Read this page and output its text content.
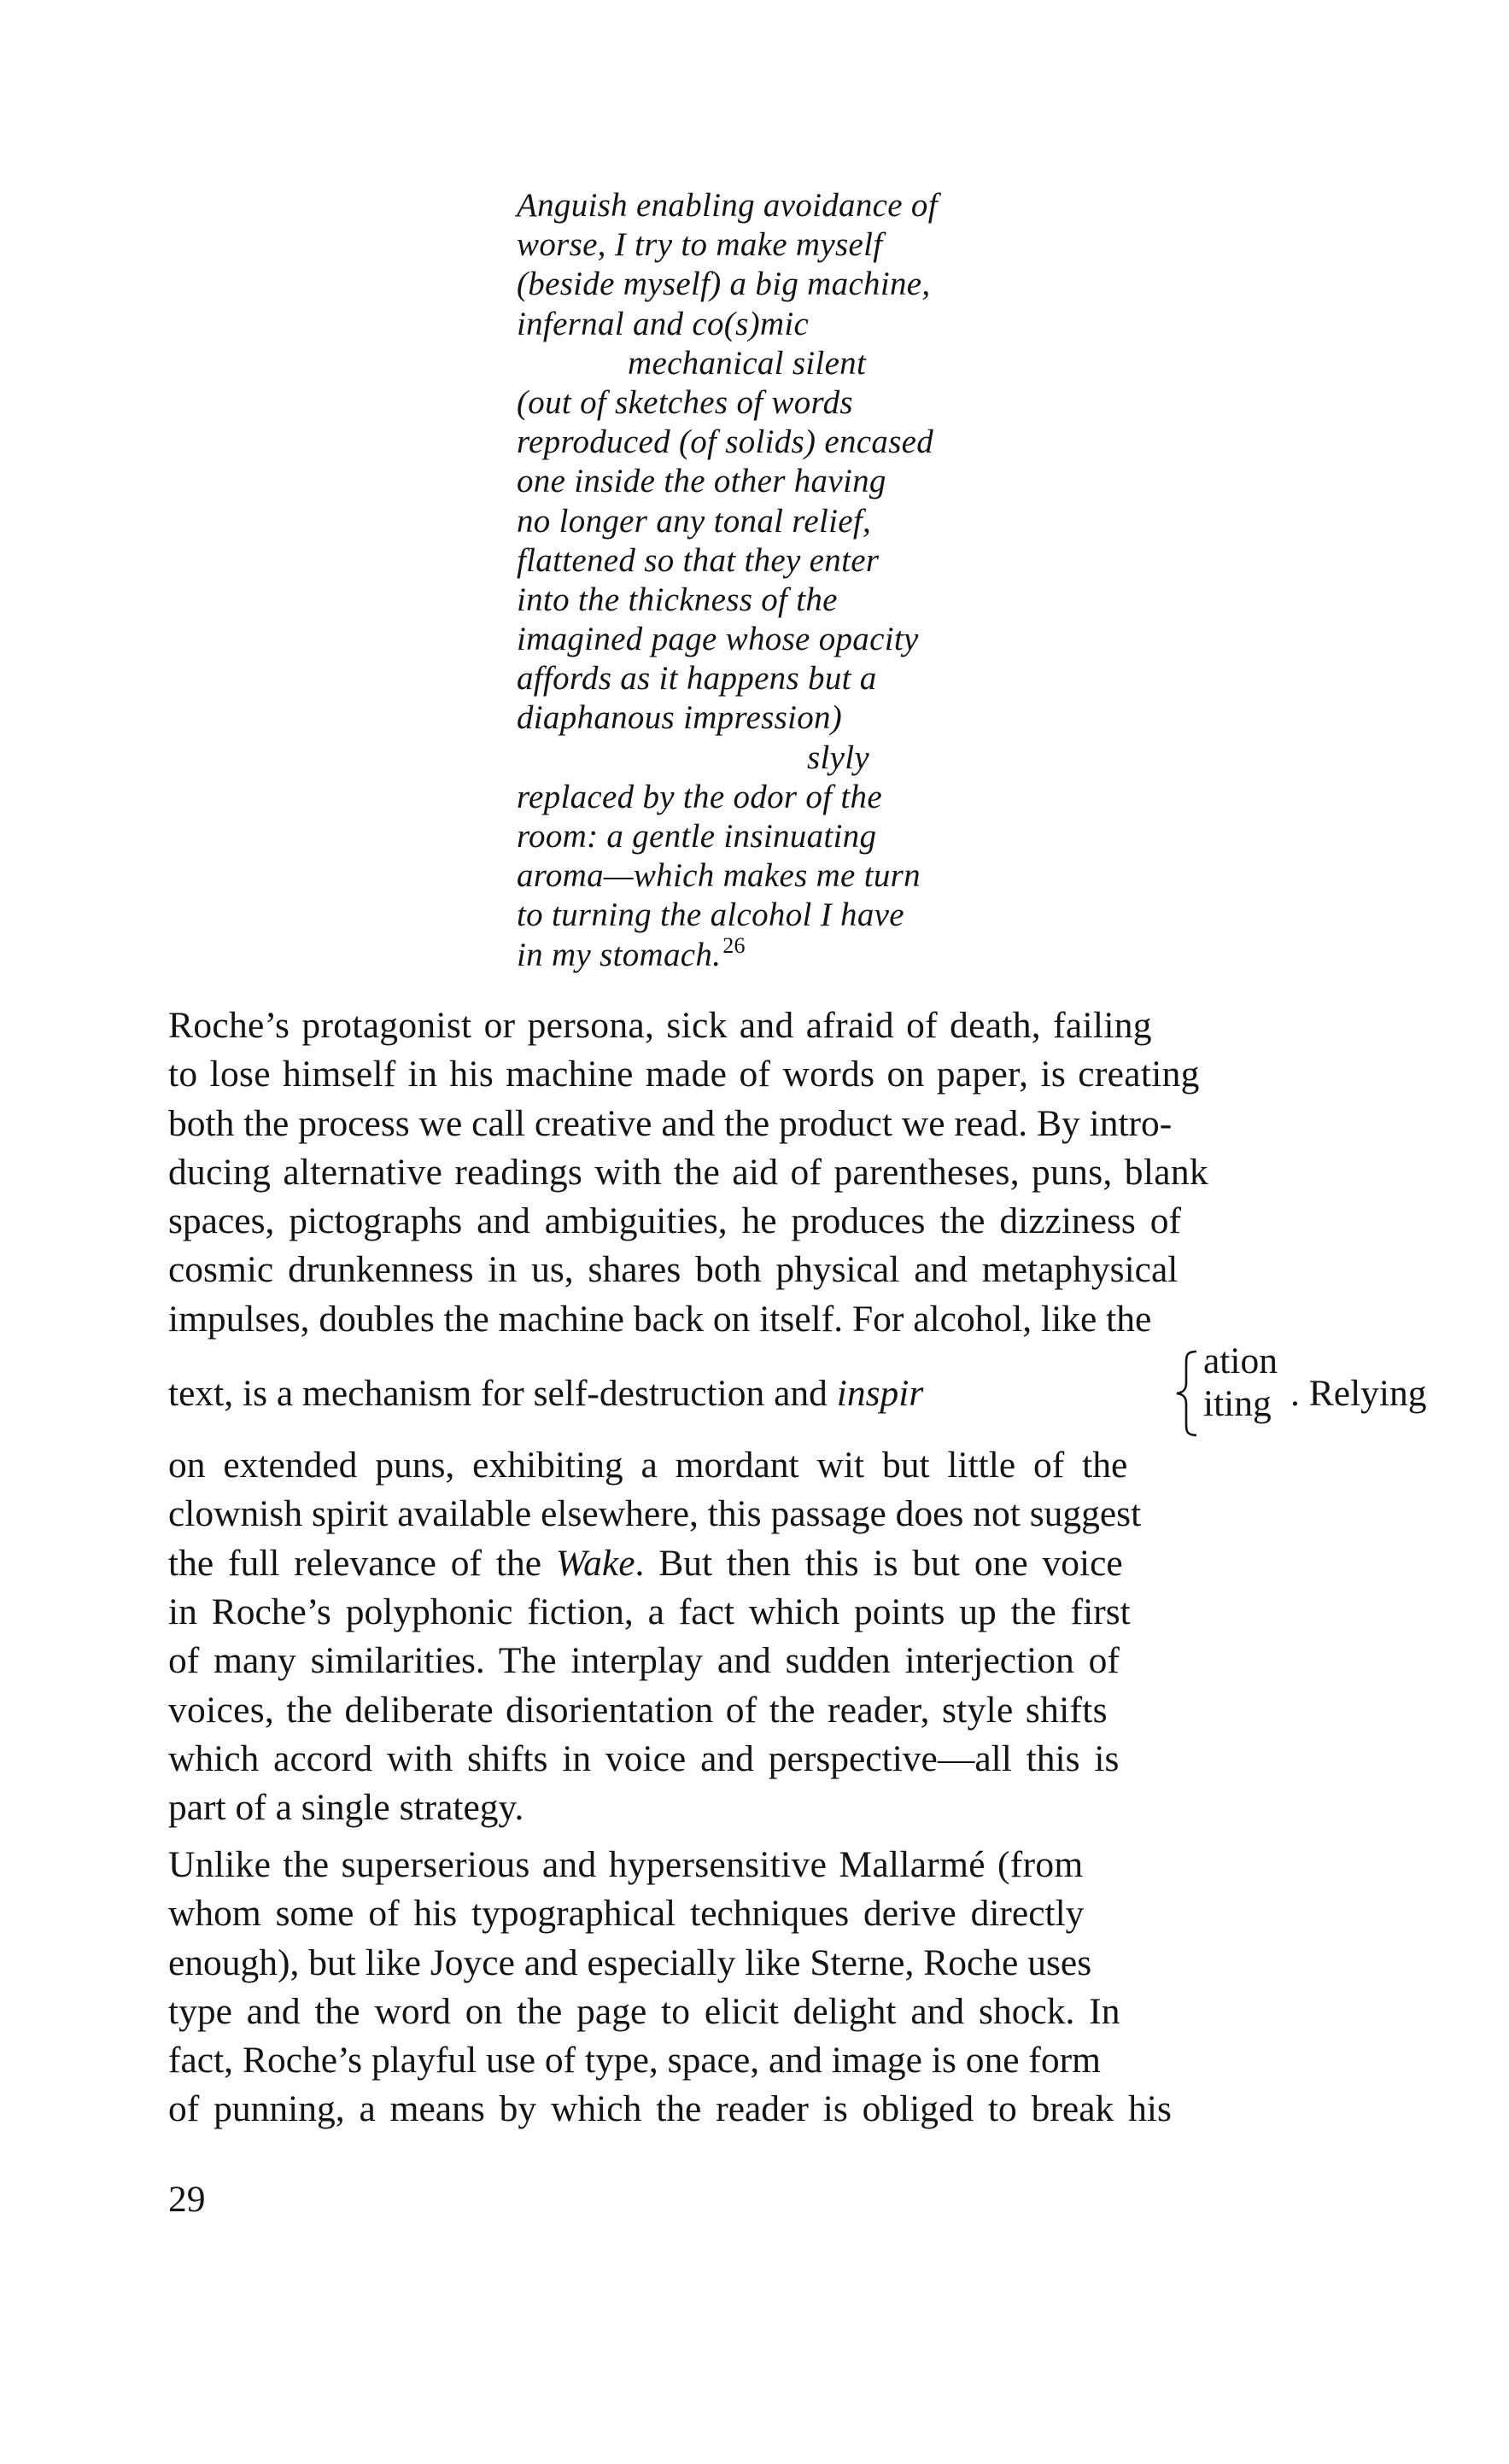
Anguish enabling avoidance of
worse, I try to make myself
(beside myself) a big machine,
infernal and co(s)mic
mechanical silent
(out of sketches of words
reproduced (of solids) encased
one inside the other having
no longer any tonal relief,
flattened so that they enter
into the thickness of the
imagined page whose opacity
affords as it happens but a
diaphanous impression)
slyly
replaced by the odor of the
room: a gentle insinuating
aroma—which makes me turn
to turning the alcohol I have
in my stomach.$^{26}$
Roche’s protagonist or persona, sick and afraid of death, failing
to lose himself in his machine made of words on paper, is creating
both the process we call creative and the product we read. By intro-
ducing alternative readings with the aid of parentheses, puns, blank
spaces, pictographs and ambiguities, he produces the dizziness of
cosmic drunkenness in us, shares both physical and metaphysical
impulses, doubles the machine back on itself. For alcohol, like the
text, is a mechanism for self-destruction and inspir
ation
iting . Relying
on extended puns, exhibiting a mordant wit but little of the
clownish spirit available elsewhere, this passage does not suggest
the full relevance of the Wake. But then this is but one voice
in Roche’s polyphonic fiction, a fact which points up the first
of many similarities. The interplay and sudden interjection of
voices, the deliberate disorientation of the reader, style shifts
which accord with shifts in voice and perspective—all this is
part of a single strategy.
Unlike the superserious and hypersensitive Mallarmé (from
whom some of his typographical techniques derive directly
enough), but like Joyce and especially like Sterne, Roche uses
type and the word on the page to elicit delight and shock. In
fact, Roche’s playful use of type, space, and image is one form
of punning, a means by which the reader is obliged to break his
29
